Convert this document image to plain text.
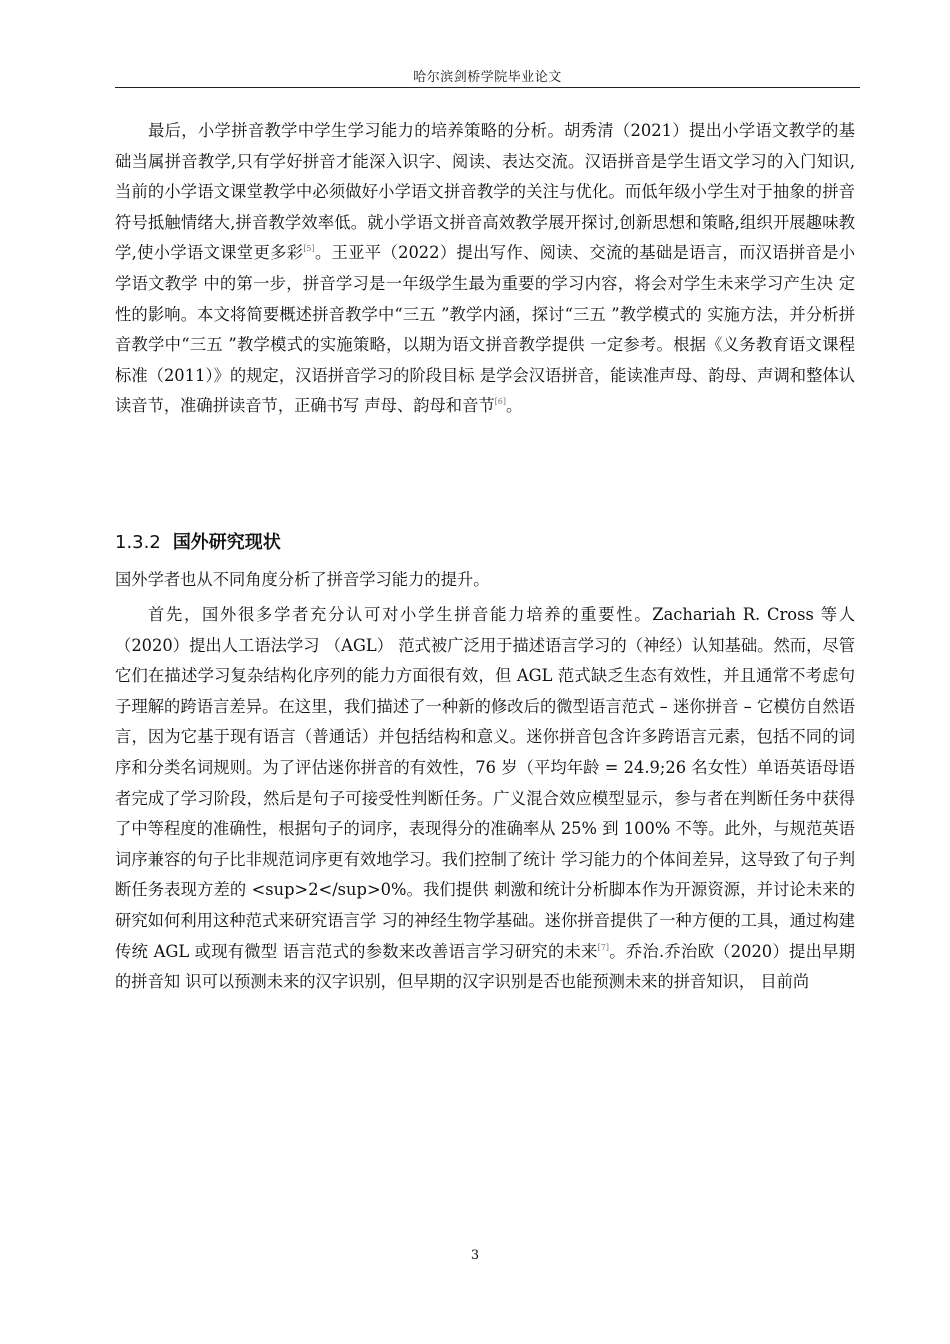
哈尔滨剑桥学院毕业论文

最后，小学拼音教学中学生学习能力的培养策略的分析。胡秀清（2021）提出小学语文教学的基础当属拼音教学,只有学好拼音才能深入识字、阅读、表达交流。汉语拼音是学生语文学习的入门知识,当前的小学语文课堂教学中必须做好小学语文拼音教学的关注与优化。而低年级小学生对于抽象的拼音符号抵触情绪大,拼音教学效率低。就小学语文拼音高效教学展开探讨,创新思想和策略,组织开展趣味教学,使小学语文课堂更多彩[5]。王亚平（2022）提出写作、阅读、交流的基础是语言，而汉语拼音是小学语文教学 中的第一步，拼音学习是一年级学生最为重要的学习内容，将会对学生未来学习产生决 定性的影响。本文将简要概述拼音教学中“三五 ”教学内涵，探讨“三五 ”教学模式的 实施方法，并分析拼音教学中“三五 ”教学模式的实施策略，以期为语文拼音教学提供 一定参考。根据《义务教育语文课程标准（2011）》的规定，汉语拼音学习的阶段目标 是学会汉语拼音，能读准声母、韵母、声调和整体认读音节，准确拼读音节，正确书写 声母、韵母和音节[6]。

1.3.2 国外研究现状

国外学者也从不同角度分析了拼音学习能力的提升。

首先，国外很多学者充分认可对小学生拼音能力培养的重要性。Zachariah R. Cross 等人（2020）提出人工语法学习 （AGL） 范式被广泛用于描述语言学习的（神经）认知基础。然而，尽管它们在描述学习复杂结构化序列的能力方面很有效，但 AGL 范式缺乏生态有效性，并且通常不考虑句子理解的跨语言差异。在这里，我们描述了一种新的修改后的微型语言范式 – 迷你拼音 – 它模仿自然语言，因为它基于现有语言（普通话）并包括结构和意义。迷你拼音包含许多跨语言元素，包括不同的词序和分类名词规则。为了评估迷你拼音的有效性，76 岁（平均年龄 = 24.9;26 名女性）单语英语母语者完成了学习阶段，然后是句子可接受性判断任务。广义混合效应模型显示，参与者在判断任务中获得了中等程度的准确性，根据句子的词序，表现得分的准确率从 25% 到 100% 不等。此外，与规范英语词序兼容的句子比非规范词序更有效地学习。我们控制了统计 学习能力的个体间差异，这导致了句子判断任务表现方差的 <sup>2</sup>0%。我们提供 刺激和统计分析脚本作为开源资源，并讨论未来的研究如何利用这种范式来研究语言学 习的神经生物学基础。迷你拼音提供了一种方便的工具，通过构建传统 AGL 或现有微型 语言范式的参数来改善语言学习研究的未来[7]。乔治.乔治欧（2020）提出早期的拼音知 识可以预测未来的汉字识别，但早期的汉字识别是否也能预测未来的拼音知识， 目前尚

3
